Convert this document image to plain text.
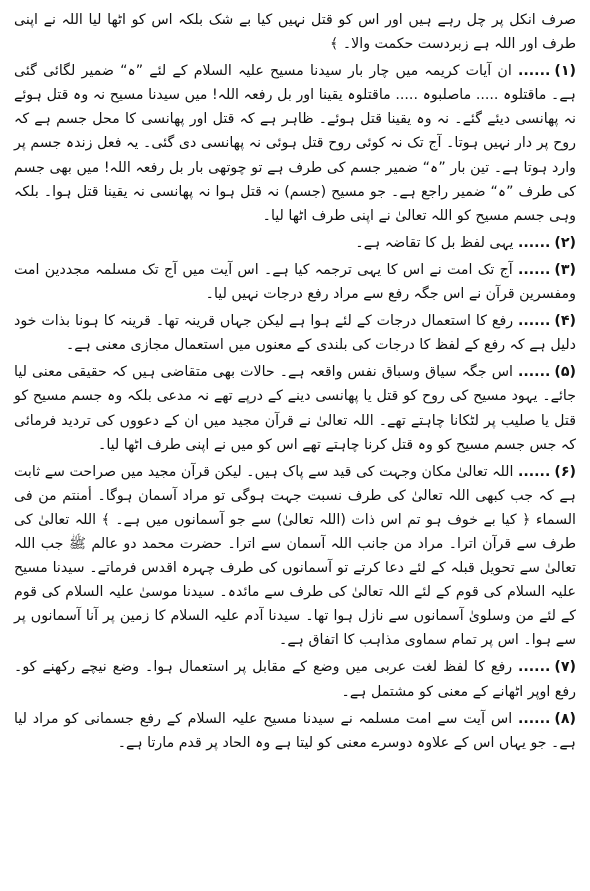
صرف انکل پر چل رہے ہیں اور اس کو قتل نہیں کیا بے شک بلکہ اس کو اٹھا لیا اللہ نے اپنی طرف اور اللہ ہے زبردست حکمت والا۔ ﴾

(۱)...... ان آیات کریمہ میں چار بار سیدنا مسیح علیہ السلام کے لئے ”ہ“ ضمیر لگائی گئی ہے۔ ماقتلوہ ..... ماصلبوہ ..... ماقتلوہ یقینا اور بل رفعہ اللہ! میں سیدنا مسیح نہ وہ قتل ہوئے نہ پھانسی دیئے گئے۔ نہ وہ یقینا قتل ہوئے۔ ظاہر ہے کہ قتل اور پھانسی کا محل جسم ہے کہ روح پر دار نہیں ہوتا۔ آج تک نہ کوئی روح قتل ہوئی نہ پھانسی دی گئی۔ یہ فعل زندہ جسم پر وارد ہوتا ہے۔ تین بار ”ہ“ ضمیر جسم کی طرف ہے تو چوتھی بار بل رفعہ اللہ! میں بھی جسم کی طرف ”ہ“ ضمیر راجع ہے۔ جو مسیح (جسم) نہ قتل ہوا نہ پھانسی نہ یقینا قتل ہوا۔ بلکہ وہی جسم مسیح کو اللہ تعالیٰ نے اپنی طرف اٹھا لیا۔

(۲)...... یہی لفظ بل کا تقاضہ ہے۔

(۳)...... آج تک امت نے اس کا یہی ترجمہ کیا ہے۔ اس آیت میں آج تک مسلمہ مجددین امت ومفسرین قرآن نے اس جگہ رفع سے مراد رفع درجات نہیں لیا۔

(۴)...... رفع کا استعمال درجات کے لئے ہوا ہے لیکن جہاں قرینہ تھا۔ قرینہ کا ہونا بذات خود دلیل ہے کہ رفع کے لفظ کا درجات کی بلندی کے معنوں میں استعمال مجازی معنی ہے۔

(۵)...... اس جگہ سیاق وسباق نفس واقعہ ہے۔ حالات بھی متقاضی ہیں کہ حقیقی معنی لیا جائے۔ یہود مسیح کی روح کو قتل یا پھانسی دینے کے درپے تھے نہ مدعی بلکہ وہ جسم مسیح کو قتل یا صلیب پر لٹکانا چاہتے تھے۔ اللہ تعالیٰ نے قرآن مجید میں ان کے دعووں کی تردید فرمائی کہ جس جسم مسیح کو وہ قتل کرنا چاہتے تھے اس کو میں نے اپنی طرف اٹھا لیا۔

(۶)...... اللہ تعالیٰ مکان وجہت کی قید سے پاک ہیں۔ لیکن قرآن مجید میں صراحت سے ثابت ہے کہ جب کبھی اللہ تعالیٰ کی طرف نسبت جہت ہوگی تو مراد آسمان ہوگا۔ أمنتم من فی السماء ﴿ کیا بے خوف ہو تم اس ذات (اللہ تعالیٰ) سے جو آسمانوں میں ہے۔ ﴾ اللہ تعالیٰ کی طرف سے قرآن اترا۔ مراد من جانب اللہ آسمان سے اترا۔ حضرت محمد دو عالم ﷺ جب اللہ تعالیٰ سے تحویل قبلہ کے لئے دعا کرتے تو آسمانوں کی طرف چہرہ اقدس فرماتے۔ سیدنا مسیح علیہ السلام کی قوم کے لئے اللہ تعالیٰ کی طرف سے مائدہ۔ سیدنا موسیٰ علیہ السلام کی قوم کے لئے من وسلویٰ آسمانوں سے نازل ہوا تھا۔ سیدنا آدم علیہ السلام کا زمین پر آنا آسمانوں پر سے ہوا۔ اس پر تمام سماوی مذاہب کا اتفاق ہے۔

(۷)...... رفع کا لفظ لغت عربی میں وضع کے مقابل پر استعمال ہوا۔ وضع نیچے رکھنے کو۔ رفع اوپر اٹھانے کے معنی کو مشتمل ہے۔

(۸)...... اس آیت سے امت مسلمہ نے سیدنا مسیح علیہ السلام کے رفع جسمانی کو مراد لیا ہے۔ جو یہاں اس کے علاوہ دوسرے معنی کو لیتا ہے وہ الحاد پر قدم مارتا ہے۔
